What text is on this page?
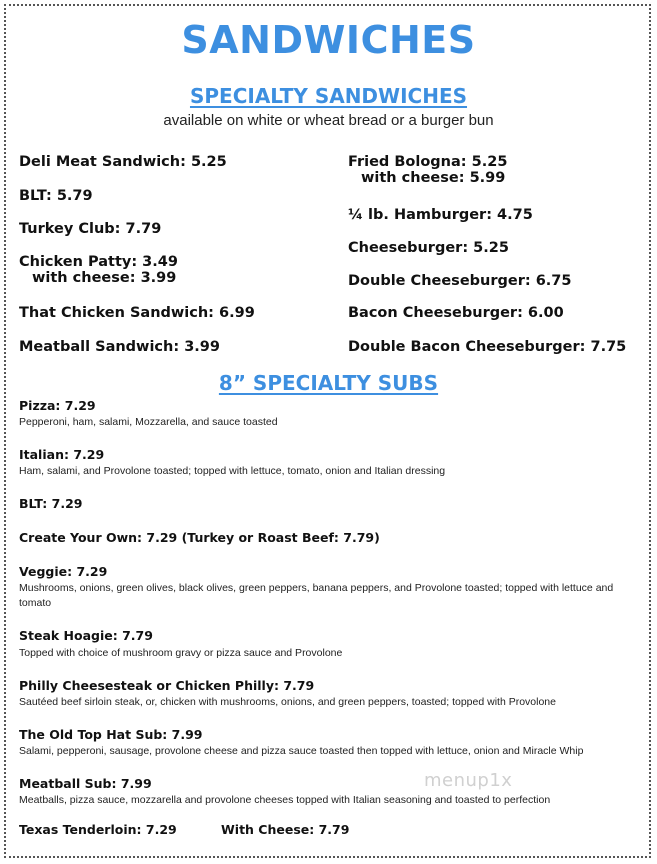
SANDWICHES
SPECIALTY SANDWICHES
available on white or wheat bread or a burger bun
Deli Meat Sandwich: 5.25
BLT: 5.79
Turkey Club: 7.79
Chicken Patty: 3.49
with cheese: 3.99
That Chicken Sandwich: 6.99
Meatball Sandwich: 3.99
Fried Bologna: 5.25
with cheese: 5.99
¼ lb. Hamburger: 4.75
Cheeseburger: 5.25
Double Cheeseburger: 6.75
Bacon Cheeseburger: 6.00
Double Bacon Cheeseburger: 7.75
8” SPECIALTY SUBS
Pizza: 7.29
Pepperoni, ham, salami, Mozzarella, and sauce toasted
Italian: 7.29
Ham, salami, and Provolone toasted; topped with lettuce, tomato, onion and Italian dressing
BLT: 7.29
Create Your Own: 7.29 (Turkey or Roast Beef: 7.79)
Veggie: 7.29
Mushrooms, onions, green olives, black olives, green peppers, banana peppers, and Provolone toasted; topped with lettuce and tomato
Steak Hoagie: 7.79
Topped with choice of mushroom gravy or pizza sauce and Provolone
Philly Cheesesteak or Chicken Philly: 7.79
Sautéed beef sirloin steak, or, chicken with mushrooms, onions, and green peppers, toasted; topped with Provolone
The Old Top Hat Sub: 7.99
Salami, pepperoni, sausage, provolone cheese and pizza sauce toasted then topped with lettuce, onion and Miracle Whip
Meatball Sub: 7.99
Meatballs, pizza sauce, mozzarella and provolone cheeses topped with Italian seasoning and toasted to perfection
Texas Tenderloin: 7.29	With Cheese: 7.79
menup1x
